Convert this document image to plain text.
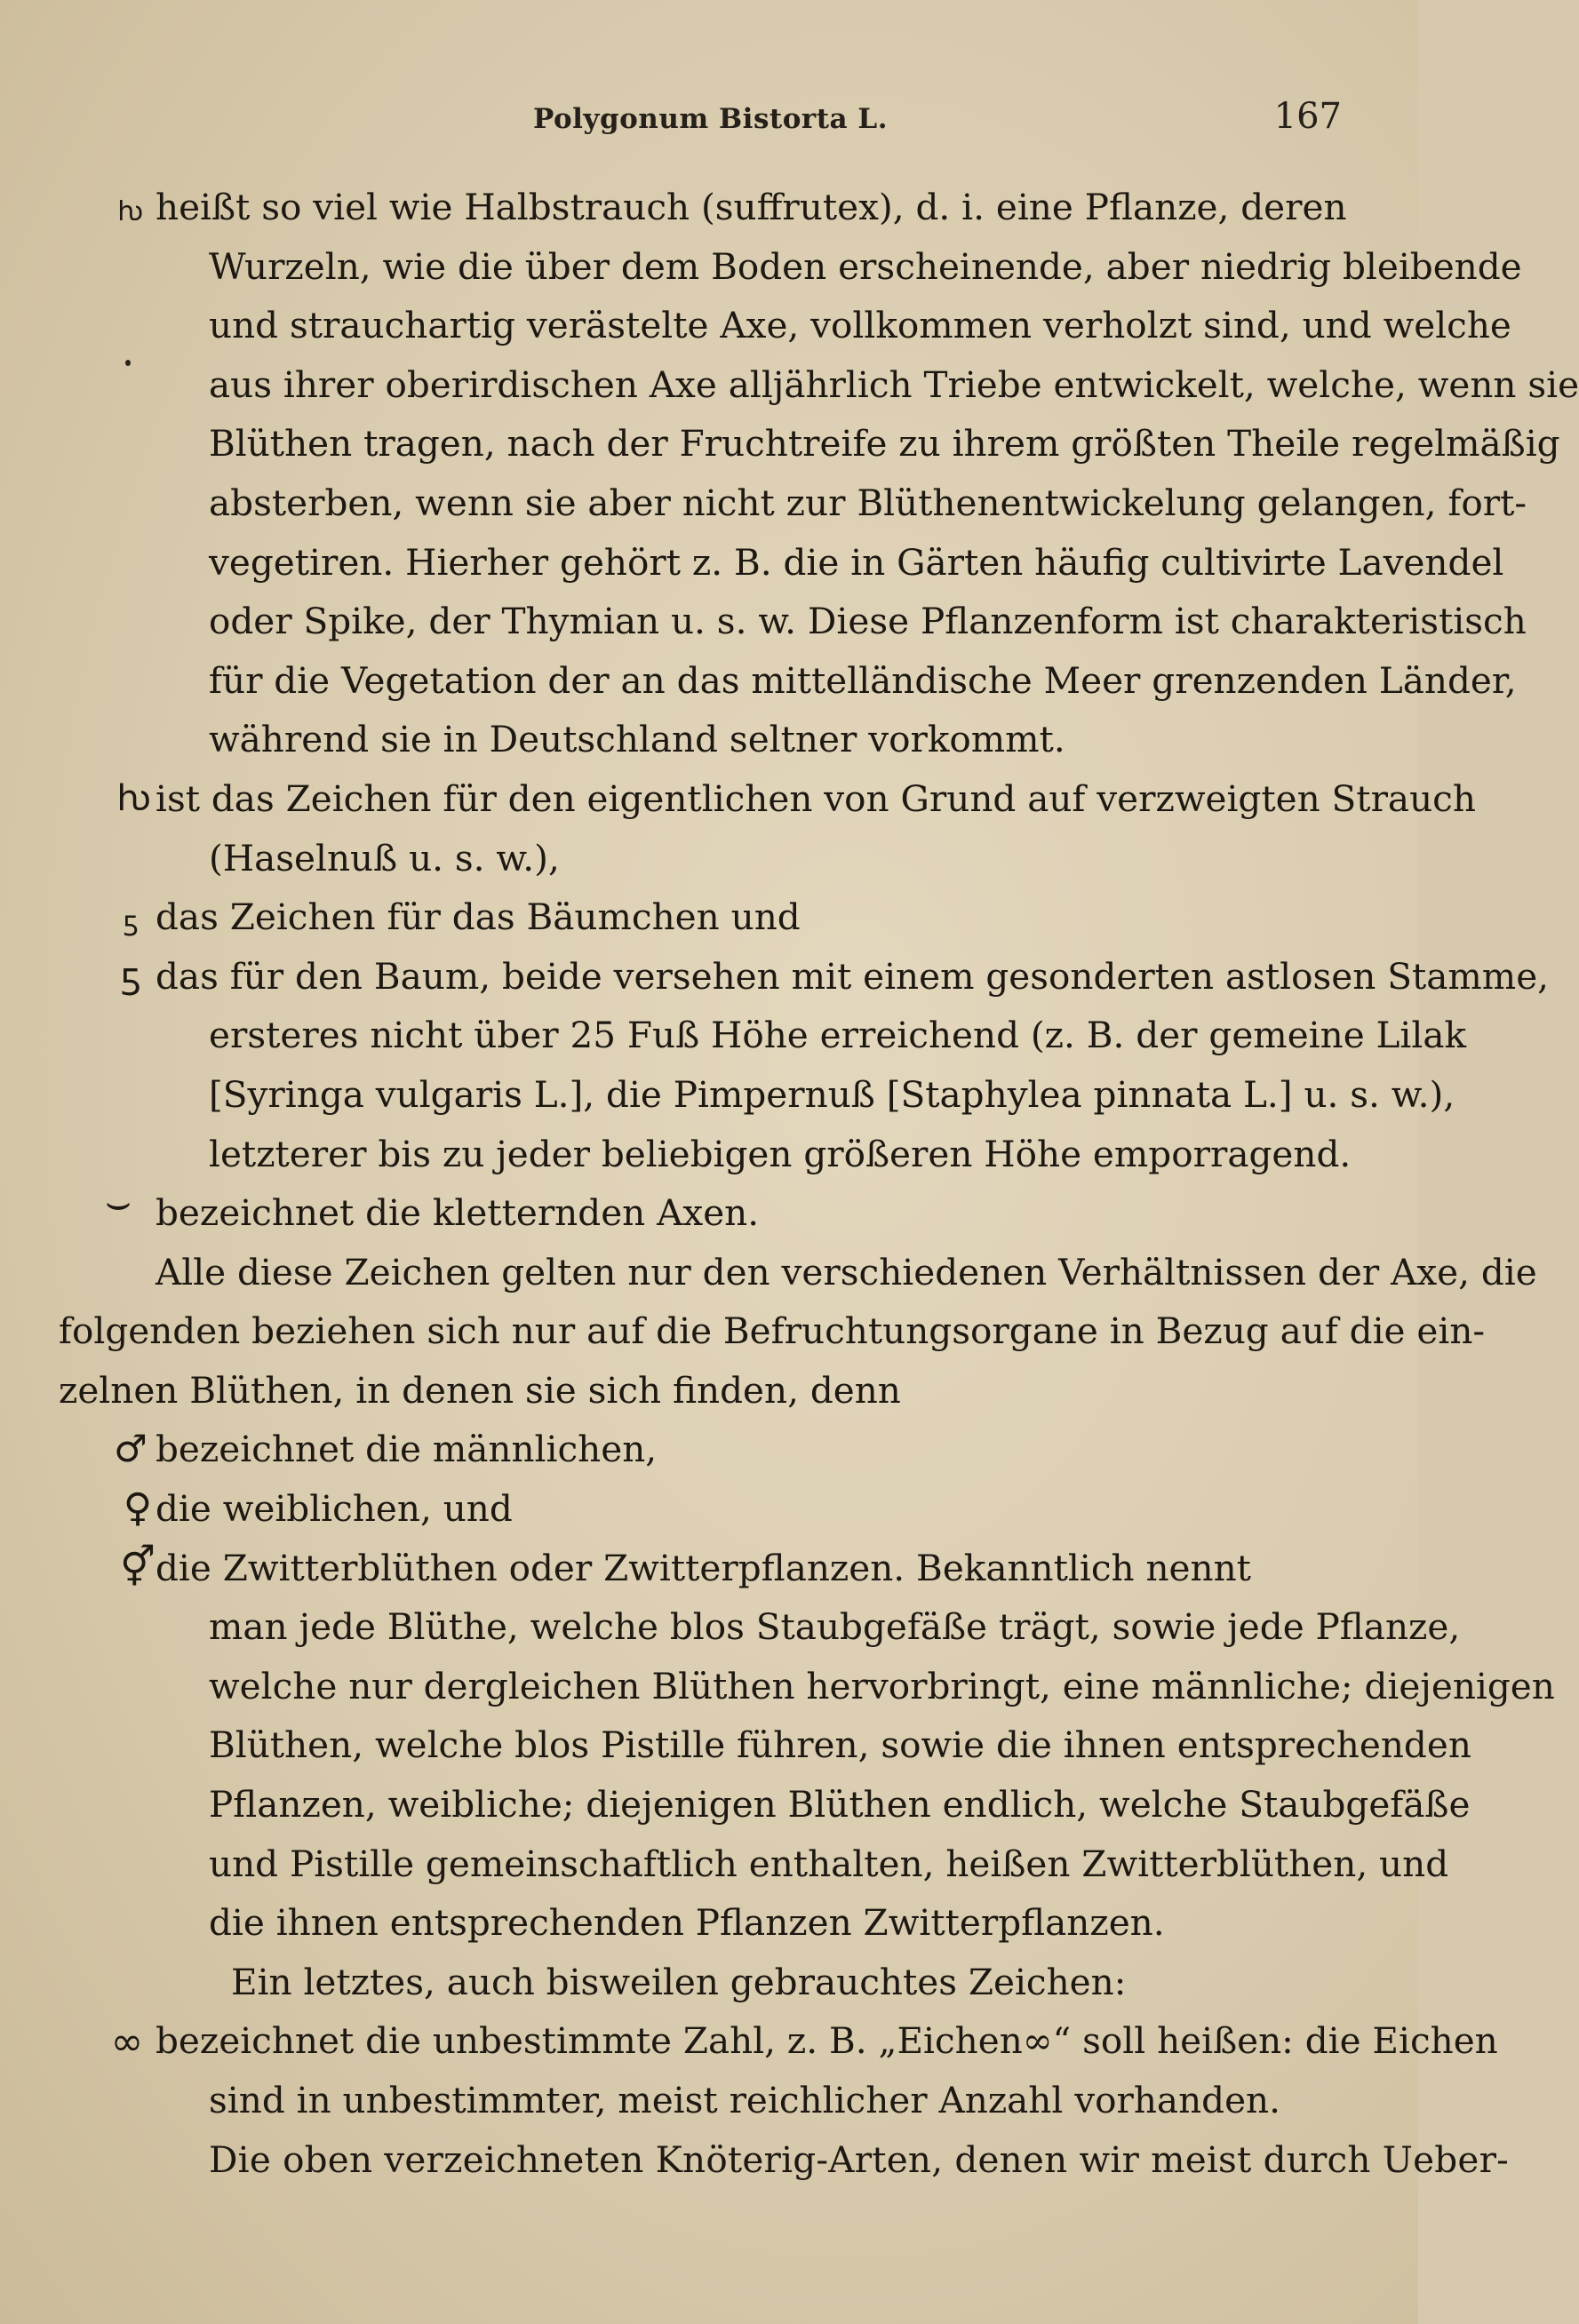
Polygonum Bistorta L.	167
ƕ heißt so viel wie Halbstrauch (suffrutex), d. i. eine Pflanze, deren
Wurzeln, wie die über dem Boden erscheinende, aber niedrig bleibende
und strauchartig verästelte Axe, vollkommen verholzt sind, und welche
aus ihrer oberirdischen Axe alljährlich Triebe entwickelt, welche, wenn sie
Blüthen tragen, nach der Fruchtreife zu ihrem größten Theile regelmäßig
absterben, wenn sie aber nicht zur Blüthenentwickelung gelangen, fort-
vegetiren. Hierher gehört z. B. die in Gärten häufig cultivirte Lavendel
oder Spike, der Thymian u. s. w. Diese Pflanzenform ist charakteristisch
für die Vegetation der an das mittelländische Meer grenzenden Länder,
während sie in Deutschland seltner vorkommt.
ƕ ist das Zeichen für den eigentlichen von Grund auf verzweigten Strauch
(Haselnuß u. s. w.),
ƽ das Zeichen für das Bäumchen und
ƽ das für den Baum, beide versehen mit einem gesonderten astlosen Stamme,
ersteres nicht über 25 Fuß Höhe erreichend (z. B. der gemeine Lilak
[Syringa vulgaris L.], die Pimpernuß [Staphylea pinnata L.] u. s. w.),
letzterer bis zu jeder beliebigen größeren Höhe emporragend.
⌣ bezeichnet die kletternden Axen.
Alle diese Zeichen gelten nur den verschiedenen Verhältnissen der Axe, die
folgenden beziehen sich nur auf die Befruchtungsorgane in Bezug auf die ein-
zelnen Blüthen, in denen sie sich finden, denn
♂ bezeichnet die männlichen,
♀ die weiblichen, und
⚥ die Zwitterblüthen oder Zwitterpflanzen. Bekanntlich nennt
man jede Blüthe, welche blos Staubgefäße trägt, sowie jede Pflanze,
welche nur dergleichen Blüthen hervorbringt, eine männliche; diejenigen
Blüthen, welche blos Pistille führen, sowie die ihnen entsprechenden
Pflanzen, weibliche; diejenigen Blüthen endlich, welche Staubgefäße
und Pistille gemeinschaftlich enthalten, heißen Zwitterblüthen, und
die ihnen entsprechenden Pflanzen Zwitterpflanzen.
Ein letztes, auch bisweilen gebrauchtes Zeichen:
∞ bezeichnet die unbestimmte Zahl, z. B. „Eichen∞“ soll heißen: die Eichen
sind in unbestimmter, meist reichlicher Anzahl vorhanden.
Die oben verzeichneten Knöterig-Arten, denen wir meist durch Ueber-
